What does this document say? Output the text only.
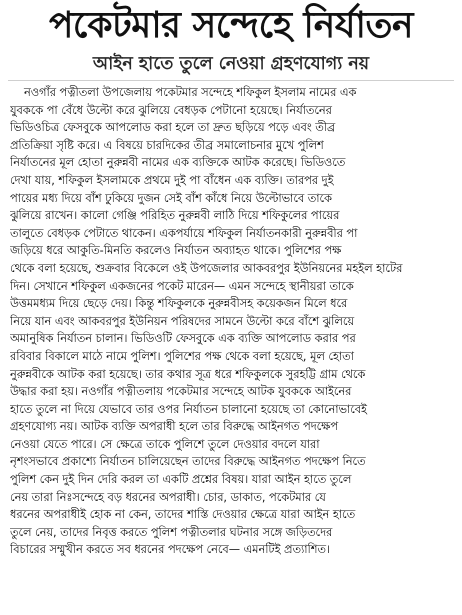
পকেটমার সন্দেহে নির্যাতন
আইন হাতে তুলে নেওয়া গ্রহণযোগ্য নয়
নওগাঁর পত্নীতলা উপজেলায় পকেটমার সন্দেহে শফিকুল ইসলাম নামের এক
যুবককে পা বেঁধে উল্টো করে ঝুলিয়ে বেধড়ক পেটানো হয়েছে। নির্যাতনের
ভিডিওচিত্র ফেসবুকে আপলোড করা হলে তা দ্রুত ছড়িয়ে পড়ে এবং তীব্র
প্রতিক্রিয়া সৃষ্টি করে। এ বিষয়ে চারদিকের তীব্র সমালোচনার মুখে পুলিশ
নির্যাতনের মূল হোতা নুরুন্নবী নামের এক ব্যক্তিকে আটক করেছে। ভিডিওতে
দেখা যায়, শফিকুল ইসলামকে প্রথমে দুই পা বাঁধেন এক ব্যক্তি। তারপর দুই
পায়ের মধ্য দিয়ে বাঁশ ঢুকিয়ে দুজন সেই বাঁশ কাঁধে নিয়ে উল্টোভাবে তাকে
ঝুলিয়ে রাখেন। কালো গেঞ্জি পরিহিত নুরুন্নবী লাঠি দিয়ে শফিকুলের পায়ের
তালুতে বেধড়ক পেটাতে থাকেন। একপর্যায়ে শফিকুল নির্যাতনকারী নুরুন্নবীর পা
জড়িয়ে ধরে আকুতি-মিনতি করলেও নির্যাতন অব্যাহত থাকে। পুলিশের পক্ষ
থেকে বলা হয়েছে, শুক্রবার বিকেলে ওই উপজেলার আকবরপুর ইউনিয়নের মহইল হাটের
দিন। সেখানে শফিকুল একজনের পকেট মারেন— এমন সন্দেহে স্থানীয়রা তাকে
উত্তমমধ্যম দিয়ে ছেড়ে দেয়। কিন্তু শফিকুলকে নুরুন্নবীসহ কয়েকজন মিলে ধরে
নিয়ে যান এবং আকবরপুর ইউনিয়ন পরিষদের সামনে উল্টো করে বাঁশে ঝুলিয়ে
অমানুষিক নির্যাতন চালান। ভিডিওটি ফেসবুকে এক ব্যক্তি আপলোড করার পর
রবিবার বিকালে মাঠে নামে পুলিশ। পুলিশের পক্ষ থেকে বলা হয়েছে, মূল হোতা
নুরুন্নবীকে আটক করা হয়েছে। তার কথার সূত্র ধরে শফিকুলকে সুরহট্টি গ্রাম থেকে
উদ্ধার করা হয়। নওগাঁর পত্নীতলায় পকেটমার সন্দেহে আটক যুবককে আইনের
হাতে তুলে না দিয়ে যেভাবে তার ওপর নির্যাতন চালানো হয়েছে তা কোনোভাবেই
গ্রহণযোগ্য নয়। আটক ব্যক্তি অপরাধী হলে তার বিরুদ্ধে আইনগত পদক্ষেপ
নেওয়া যেতে পারে। সে ক্ষেত্রে তাকে পুলিশে তুলে দেওয়ার বদলে যারা
নৃশংসভাবে প্রকাশ্যে নির্যাতন চালিয়েছেন তাদের বিরুদ্ধে আইনগত পদক্ষেপ নিতে
পুলিশ কেন দুই দিন দেরি করল তা একটি প্রশ্নের বিষয়। যারা আইন হাতে তুলে
নেয় তারা নিঃসন্দেহে বড় ধরনের অপরাধী। চোর, ডাকাত, পকেটমার যে
ধরনের অপরাধীই হোক না কেন, তাদের শাস্তি দেওয়ার ক্ষেত্রে যারা আইন হাতে
তুলে নেয়, তাদের নিবৃত্ত করতে পুলিশ পত্নীতলার ঘটনার সঙ্গে জড়িতদের
বিচারের সম্মুখীন করতে সব ধরনের পদক্ষেপ নেবে— এমনটিই প্রত্যাশিত।
